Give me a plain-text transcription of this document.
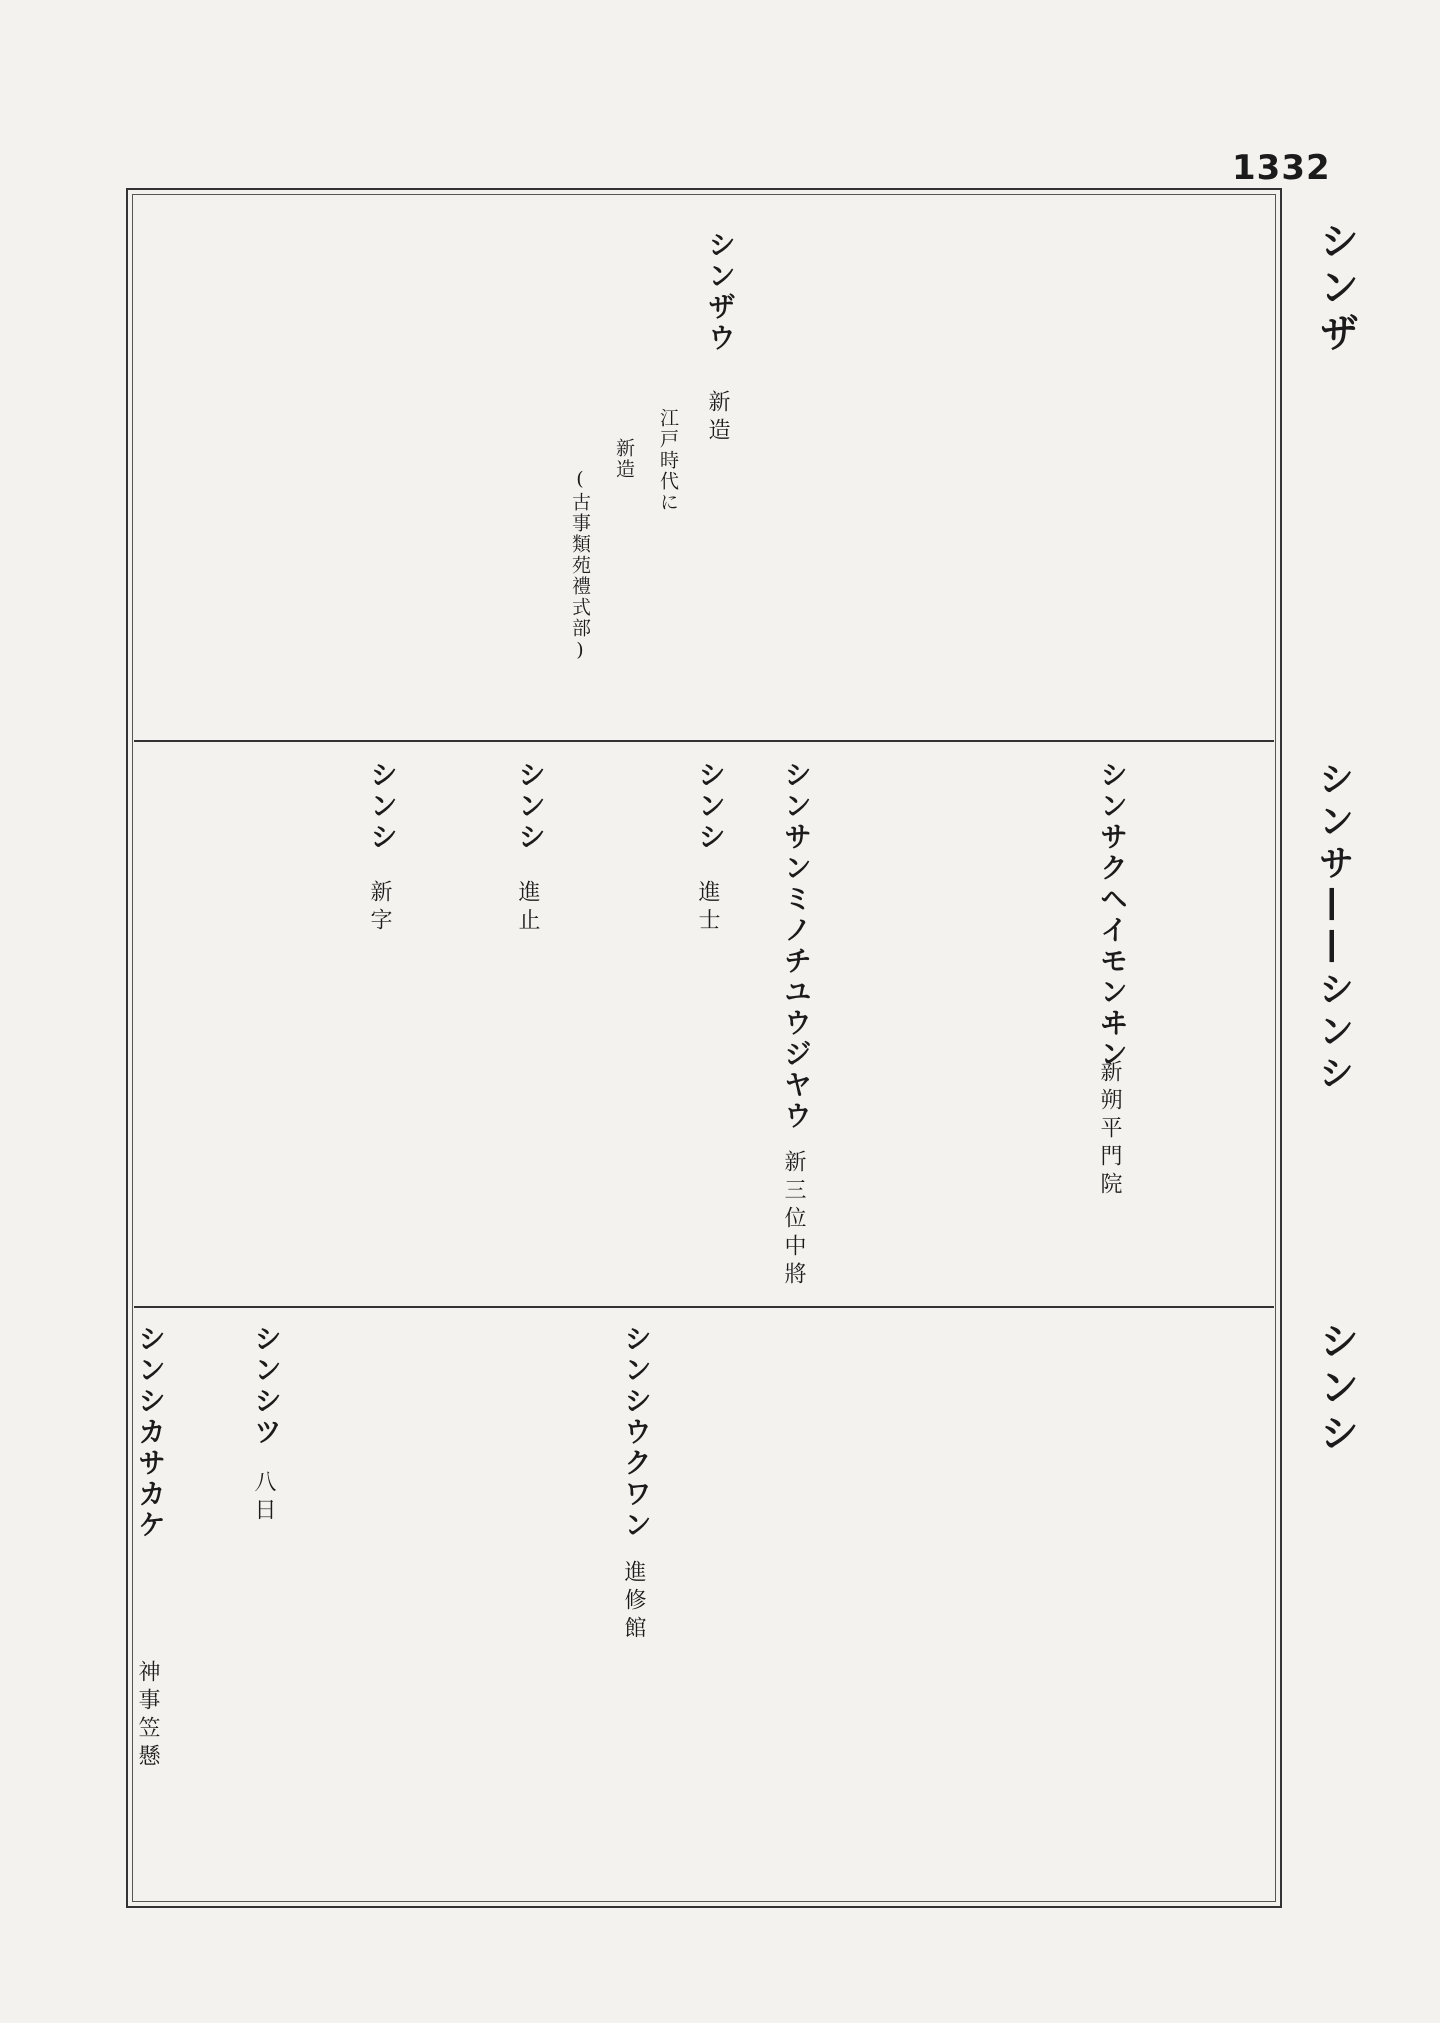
1332
シンザ
シンサ——シンシ
シンシ
江戸時代に
新造
(古事類苑禮式部)
シンザウ
新造
シンサクヘイモンヰン
新朔平門院
シンサンミノチユウジヤウ
新三位中將
シンシ
進士
シンシ
進止
シンシ
新字
シンシウクワン
進修館
シンシツ
八日
シンシカサカケ
神事笠懸
